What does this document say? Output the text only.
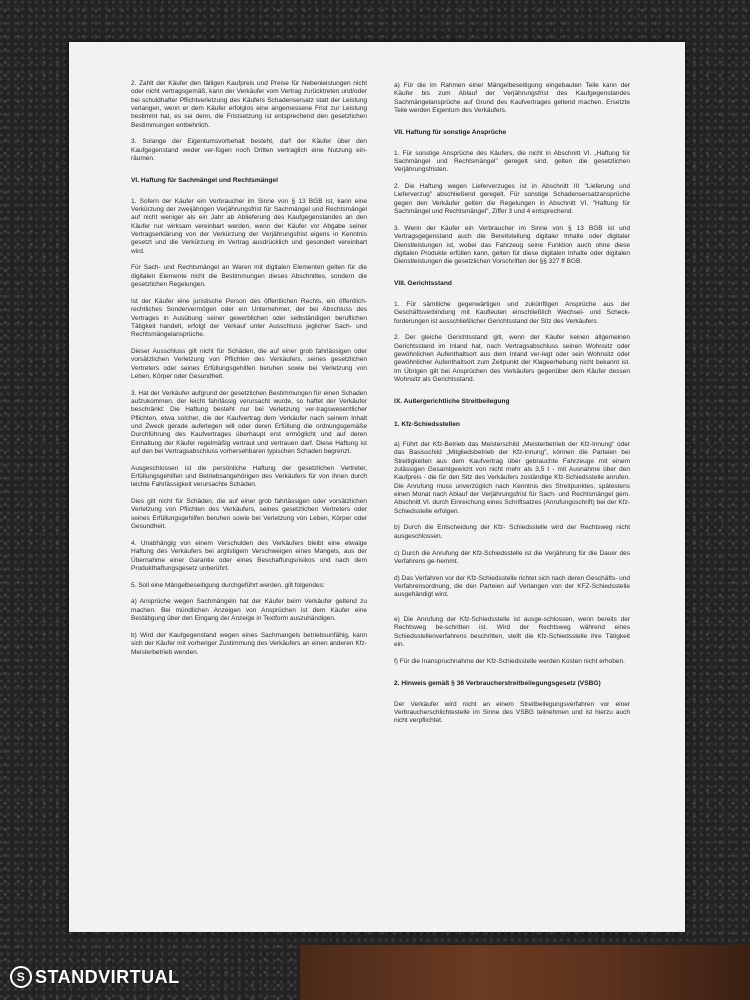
2. Zahlt der Käufer den fälligen Kaufpreis und Preise für Nebenleistungen nicht oder nicht vertragsgemäß, kann der Verkäufer vom Vertrag zurücktreten und/oder bei schuldhafter Pflichtverletzung des Käufers Schadensersatz statt der Leistung verlangen, wenn er dem Käufer erfolglos eine angemessene Frist zur Leistung bestimmt hat, es sei denn, die Fristsetzung ist entsprechend den gesetzlichen Bestimmungen entbehrlich.

3. Solange der Eigentumsvorbehalt besteht, darf der Käufer über den Kaufgegenstand weder ver-fügen noch Dritten vertraglich eine Nutzung ein-räumen.

VI. Haftung für Sachmängel und Rechtsmängel

1. Sofern der Käufer ein Verbraucher im Sinne von § 13 BGB ist, kann eine Verkürzung der zweijährigen Verjährungsfrist für Sachmängel und Rechtsmängel auf nicht weniger als ein Jahr ab Ablieferung des Kaufgegenstandes an den Käufer nur wirksam vereinbart werden, wenn der Käufer vor Abgabe seiner Vertragserklärung von der Verkürzung der Verjährungsfrist eigens in Kenntnis gesetzt und die Verkürzung im Vertrag ausdrücklich und gesondert vereinbart wird.

Für Sach- und Rechtsmängel an Waren mit digitalen Elementen gelten für die digitalen Elemente nicht die Bestimmungen dieses Abschnittes, sondern die gesetzlichen Regelungen.

Ist der Käufer eine juristische Person des öffentlichen Rechts, ein öffentlich-rechtliches Sondervermögen oder ein Unternehmer, der bei Abschluss des Vertrages in Ausübung seiner gewerblichen oder selbständigen beruflichen Tätigkeit handelt, erfolgt der Verkauf unter Ausschluss jeglicher Sach- und Rechtsmängelansprüche.

Dieser Ausschluss gilt nicht für Schäden, die auf einer grob fahrlässigen oder vorsätzlichen Verletzung von Pflichten des Verkäufers, seines gesetzlichen Vertreters oder seines Erfüllungsgehilfen beruhen sowie bei Verletzung von Leben, Körper oder Gesundheit.

3. Hat der Verkäufer aufgrund der gesetzlichen Bestimmungen für einen Schaden aufzukommen, der leicht fahrlässig verursacht wurde, so haftet der Verkäufer beschränkt: Die Haftung besteht nur bei Verletzung ver-tragswesentlicher Pflichten, etwa solcher, die der Kaufvertrag dem Verkäufer nach seinem Inhalt und Zweck gerade auferlegen will oder deren Erfüllung die ordnungsgemäße Durchführung des Kaufvertrages überhaupt erst ermöglicht und auf deren Einhaltung der Käufer regelmäßig vertraut und vertrauen darf. Diese Haftung ist auf den bei Vertragsabschluss vorhersehbaren typischen Schaden begrenzt.

Ausgeschlossen ist die persönliche Haftung der gesetzlichen Vertreter, Erfüllungsgehilfen und Betriebsangehörigen des Verkäufers für von ihnen durch leichte Fahrlässigkeit verursachte Schäden.

Dies gilt nicht für Schäden, die auf einer grob fahrlässigen oder vorsätzlichen Verletzung von Pflichten des Verkäufers, seines gesetzlichen Vertreters oder seines Erfüllungsgehilfen beruhen sowie bei Verletzung von Leben, Körper oder Gesundheit.

4. Unabhängig von einem Verschulden des Verkäufers bleibt eine etwaige Haftung des Verkäufers bei arglistigem Verschweigen eines Mangels, aus der Übernahme einer Garantie oder eines Beschaffungsrisikos und nach dem Produkthaftungsgesetz unberührt.

5. Soll eine Mängelbeseitigung durchgeführt werden, gilt folgendes:

a) Ansprüche wegen Sachmängeln hat der Käufer beim Verkäufer geltend zu machen. Bei mündlichen Anzeigen von Ansprüchen ist dem Käufer eine Bestätigung über den Eingang der Anzeige in Textform auszuhändigen.

b) Wird der Kaufgegenstand wegen eines Sachmangels betriebsunfähig, kann sich der Käufer mit vorheriger Zustimmung des Verkäufers an einen anderen Kfz-Meisterbetrieb wenden.

a) Für die im Rahmen einer Mängelbeseitigung eingebauten Teile kann der Käufer bis zum Ablauf der Verjährungsfrist des Kaufgegenstandes Sachmängelansprüche auf Grund des Kaufvertrages geltend machen. Ersetzte Teile werden Eigentum des Verkäufers.

VII. Haftung für sonstige Ansprüche

1. Für sonstige Ansprüche des Käufers, die nicht in Abschnitt VI. „Haftung für Sachmängel und Rechtsmängel" geregelt sind, gelten die gesetzlichen Verjährungsfristen.

2. Die Haftung wegen Lieferverzuges ist in Abschnitt III "Lieferung und Lieferverzug" abschließend geregelt. Für sonstige Schadensersatzansprüche gegen den Verkäufer gelten die Regelungen in Abschnitt VI. "Haftung für Sachmängel und Rechtsmängel", Ziffer 3 und 4 entsprechend.

3. Wenn der Käufer ein Verbraucher im Sinne von § 13 BGB ist und Vertragsgegenstand auch die Bereitstellung digitaler Inhalte oder digitaler Dienstleistungen ist, wobei das Fahrzeug seine Funktion auch ohne diese digitalen Produkte erfüllen kann, gelten für diese digitalen Inhalte oder digitalen Dienstleistungen die gesetzlichen Vorschriften der §§ 327 ff BGB.

VIII. Gerichtsstand

1. Für sämtliche gegenwärtigen und zukünftigen Ansprüche aus der Geschäftsverbindung mit Kaufleuten einschließlich Wechsel- und Scheck-forderungen ist ausschließlicher Gerichtsstand der Sitz des Verkäufers.

2. Der gleiche Gerichtsstand gilt, wenn der Käufer keinen allgemeinen Gerichtsstand im Inland hat, nach Vertragsabschluss seinen Wohnsitz oder gewöhnlichen Aufenthaltsort aus dem Inland ver-legt oder sein Wohnsitz oder gewöhnlicher Aufenthaltsort zum Zeitpunkt der Klageerhebung nicht bekannt ist. Im Übrigen gilt bei Ansprüchen des Verkäufers gegenüber dem Käufer dessen Wohnsitz als Gerichtsstand.

IX. Außergerichtliche Streitbeilegung
1. Kfz-Schiedsstellen

a) Führt der Kfz-Betrieb das Meisterschild „Meisterbetrieb der Kfz-Innung" oder das Basisschild „Mitgliedsbetrieb der Kfz-Innung", können die Parteien bei Streitigkeiten aus dem Kaufvertrag über gebrauchte Fahrzeuge mit einem zulässigen Gesamtgewicht von nicht mehr als 3,5 t - mit Ausnahme über den Kaufpreis - die für den Sitz des Verkäufers zuständige Kfz-Schiedsstelle anrufen. Die Anrufung muss unverzüglich nach Kenntnis des Streitpunktes, spätestens einen Monat nach Ablauf der Verjährungsfrist für Sach- und Rechtsmängel gem. Abschnitt VI. durch Einreichung eines Schriftsatzes (Anrufungsschrift) bei der Kfz-Schiedsstelle erfolgen.

b) Durch die Entscheidung der Kfz- Schiedsstelle wird der Rechtsweg nicht ausgeschlossen.

c) Durch die Anrufung der Kfz-Schiedsstelle ist die Verjährung für die Dauer des Verfahrens ge-hemmt.

d) Das Verfahren vor der Kfz-Schiedsstelle richtet sich nach deren Geschäfts- und Verfahrensordnung, die den Parteien auf Verlangen von der KFZ-Schiedsstelle ausgehändigt wird.

e) Die Anrufung der Kfz-Schiedsstelle ist ausge-schlossen, wenn bereits der Rechtsweg be-schritten ist. Wird der Rechtsweg während eines Schiedsstellenverfahrens beschritten, stellt die Kfz-Schiedsstelle ihre Tätigkeit ein.

f) Für die Inanspruchnahme der Kfz-Schiedsstelle werden Kosten nicht erhoben.

2. Hinweis gemäß § 36 Verbraucherstreitbeilegungsgesetz (VSBG)

Der Verkäufer wird nicht an einem Streitbeilegungsverfahren vor einer Verbraucherschlichtestelle im Sinne des VSBG teilnehmen und ist hierzu auch nicht verpflichtet.

S STANDVIRTUAL
